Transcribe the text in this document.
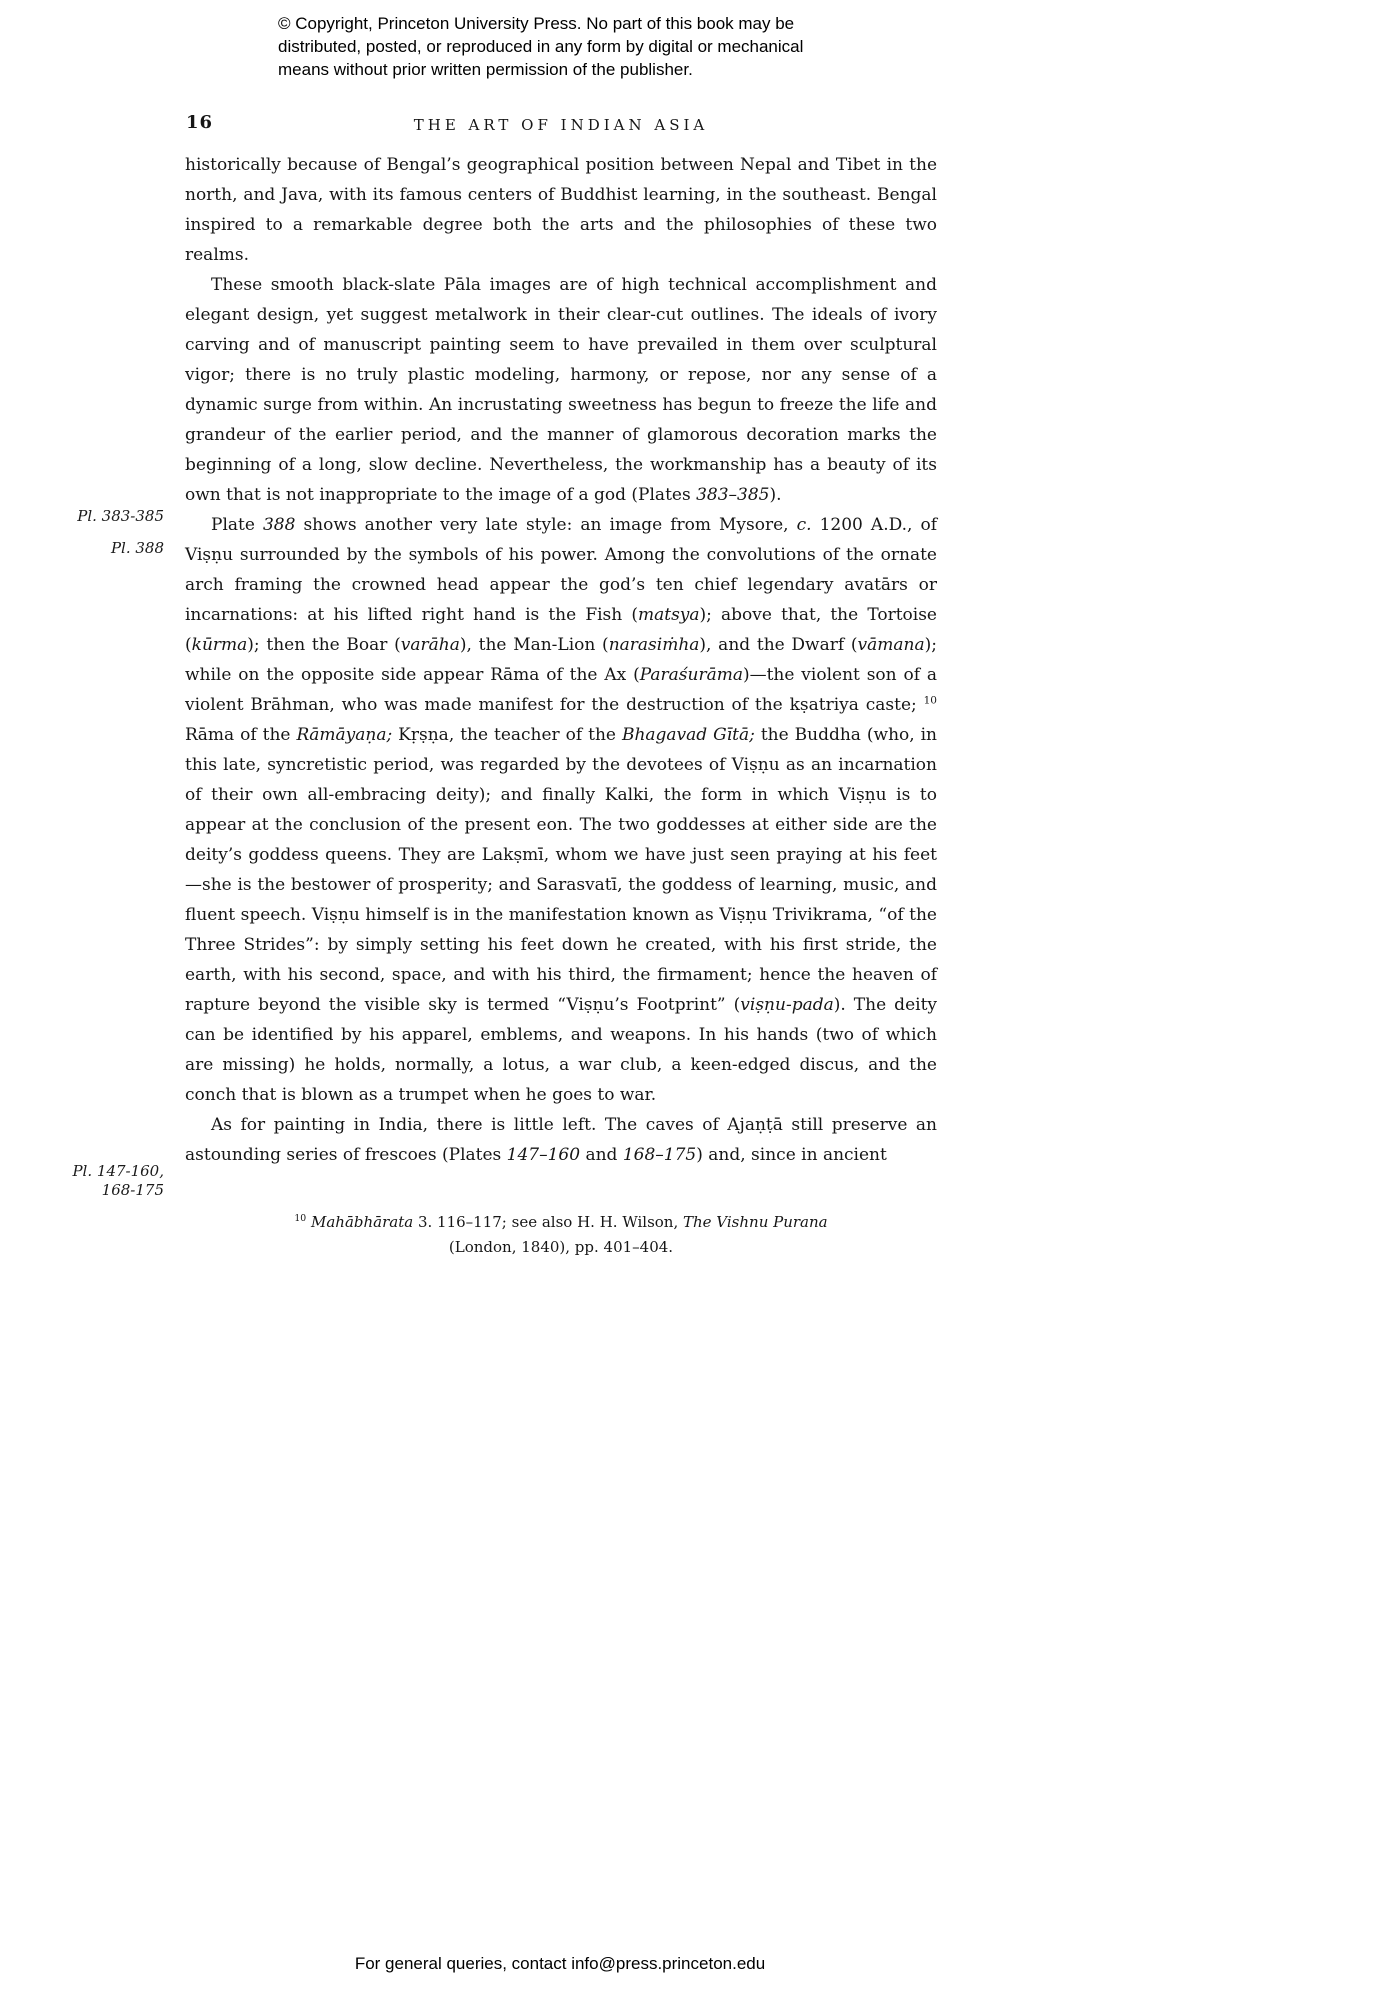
© Copyright, Princeton University Press. No part of this book may be
distributed, posted, or reproduced in any form by digital or mechanical
means without prior written permission of the publisher.
16	THE ART OF INDIAN ASIA
Pl. 383-385
Pl. 388
Pl. 147-160,
168-175

historically because of Bengal’s geographical position between Nepal and Tibet in the north, and Java, with its famous centers of Buddhist learning, in the southeast. Bengal inspired to a remarkable degree both the arts and the philosophies of these two realms.

These smooth black-slate Pāla images are of high technical accomplishment and elegant design, yet suggest metalwork in their clear-cut outlines. The ideals of ivory carving and of manuscript painting seem to have prevailed in them over sculptural vigor; there is no truly plastic modeling, harmony, or repose, nor any sense of a dynamic surge from within. An incrustating sweetness has begun to freeze the life and grandeur of the earlier period, and the manner of glamorous decoration marks the beginning of a long, slow decline. Nevertheless, the workmanship has a beauty of its own that is not inappropriate to the image of a god (Plates 383–385).

Plate 388 shows another very late style: an image from Mysore, c. 1200 A.D., of Viṣṇu surrounded by the symbols of his power. Among the convolutions of the ornate arch framing the crowned head appear the god’s ten chief legendary avatārs or incarnations: at his lifted right hand is the Fish (matsya); above that, the Tortoise (kūrma); then the Boar (varāha), the Man-Lion (narasiṁha), and the Dwarf (vāmana); while on the opposite side appear Rāma of the Ax (Paraśurāma)—the violent son of a violent Brāhman, who was made manifest for the destruction of the kṣatriya caste; $^{10}$ Rāma of the Rāmāyaṇa; Kṛṣṇa, the teacher of the Bhagavad Gītā; the Buddha (who, in this late, syncretistic period, was regarded by the devotees of Viṣṇu as an incarnation of their own all-embracing deity); and finally Kalki, the form in which Viṣṇu is to appear at the conclusion of the present eon. The two goddesses at either side are the deity’s goddess queens. They are Lakṣmī, whom we have just seen praying at his feet—she is the bestower of prosperity; and Sarasvatī, the goddess of learning, music, and fluent speech. Viṣṇu himself is in the manifestation known as Viṣṇu Trivikrama, “of the Three Strides”: by simply setting his feet down he created, with his first stride, the earth, with his second, space, and with his third, the firmament; hence the heaven of rapture beyond the visible sky is termed “Viṣṇu’s Footprint” (viṣṇu-pada). The deity can be identified by his apparel, emblems, and weapons. In his hands (two of which are missing) he holds, normally, a lotus, a war club, a keen-edged discus, and the conch that is blown as a trumpet when he goes to war.

As for painting in India, there is little left. The caves of Ajaṇṭā still preserve an astounding series of frescoes (Plates 147–160 and 168–175) and, since in ancient

$^{10}$ Mahābhārata 3. 116–117; see also H. H. Wilson, The Vishnu Purana
(London, 1840), pp. 401–404.
For general queries, contact info@press.princeton.edu
